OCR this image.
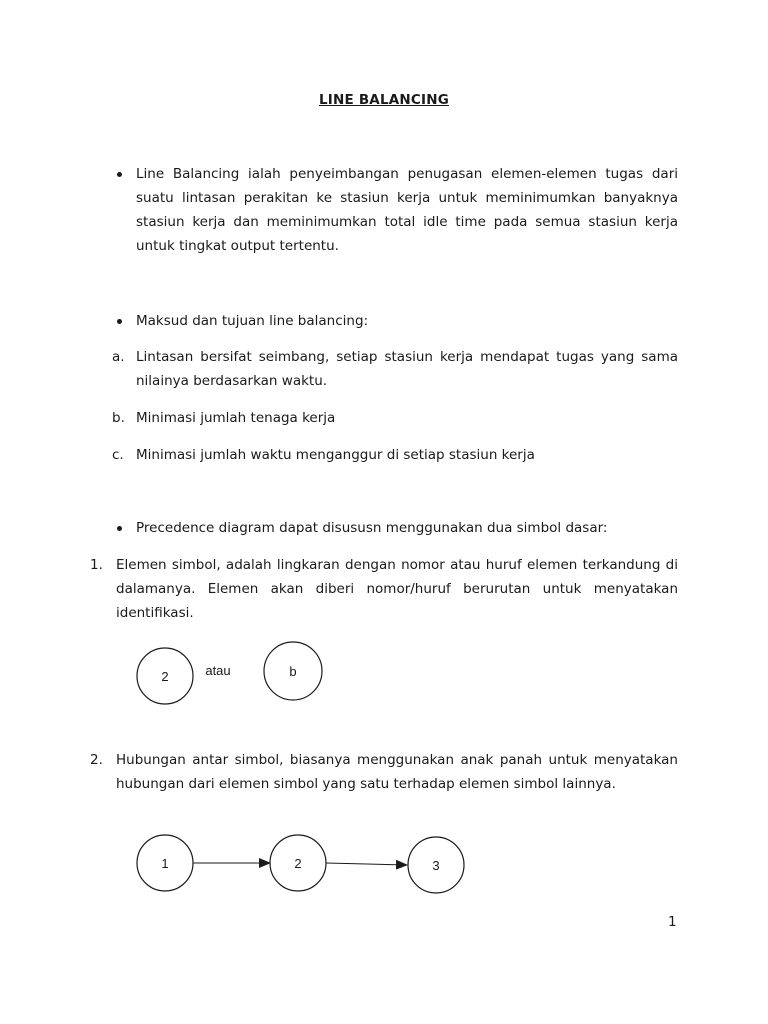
LINE BALANCING

Line Balancing ialah penyeimbangan penugasan elemen-elemen tugas dari suatu lintasan perakitan ke stasiun kerja untuk meminimumkan banyaknya stasiun kerja dan meminimumkan total idle time pada semua stasiun kerja untuk tingkat output tertentu.

Maksud dan tujuan line balancing:

a. Lintasan bersifat seimbang, setiap stasiun kerja mendapat tugas yang sama nilainya berdasarkan waktu.

b. Minimasi jumlah tenaga kerja

c. Minimasi jumlah waktu menganggur di setiap stasiun kerja

Precedence diagram dapat disususn menggunakan dua simbol dasar:

1. Elemen simbol, adalah lingkaran dengan nomor atau huruf elemen terkandung di dalamanya. Elemen akan diberi nomor/huruf berurutan untuk menyatakan identifikasi.

2	atau	b
2. Hubungan antar simbol, biasanya menggunakan anak panah untuk menyatakan hubungan dari elemen simbol yang satu terhadap elemen simbol lainnya.

1	2	3
1
